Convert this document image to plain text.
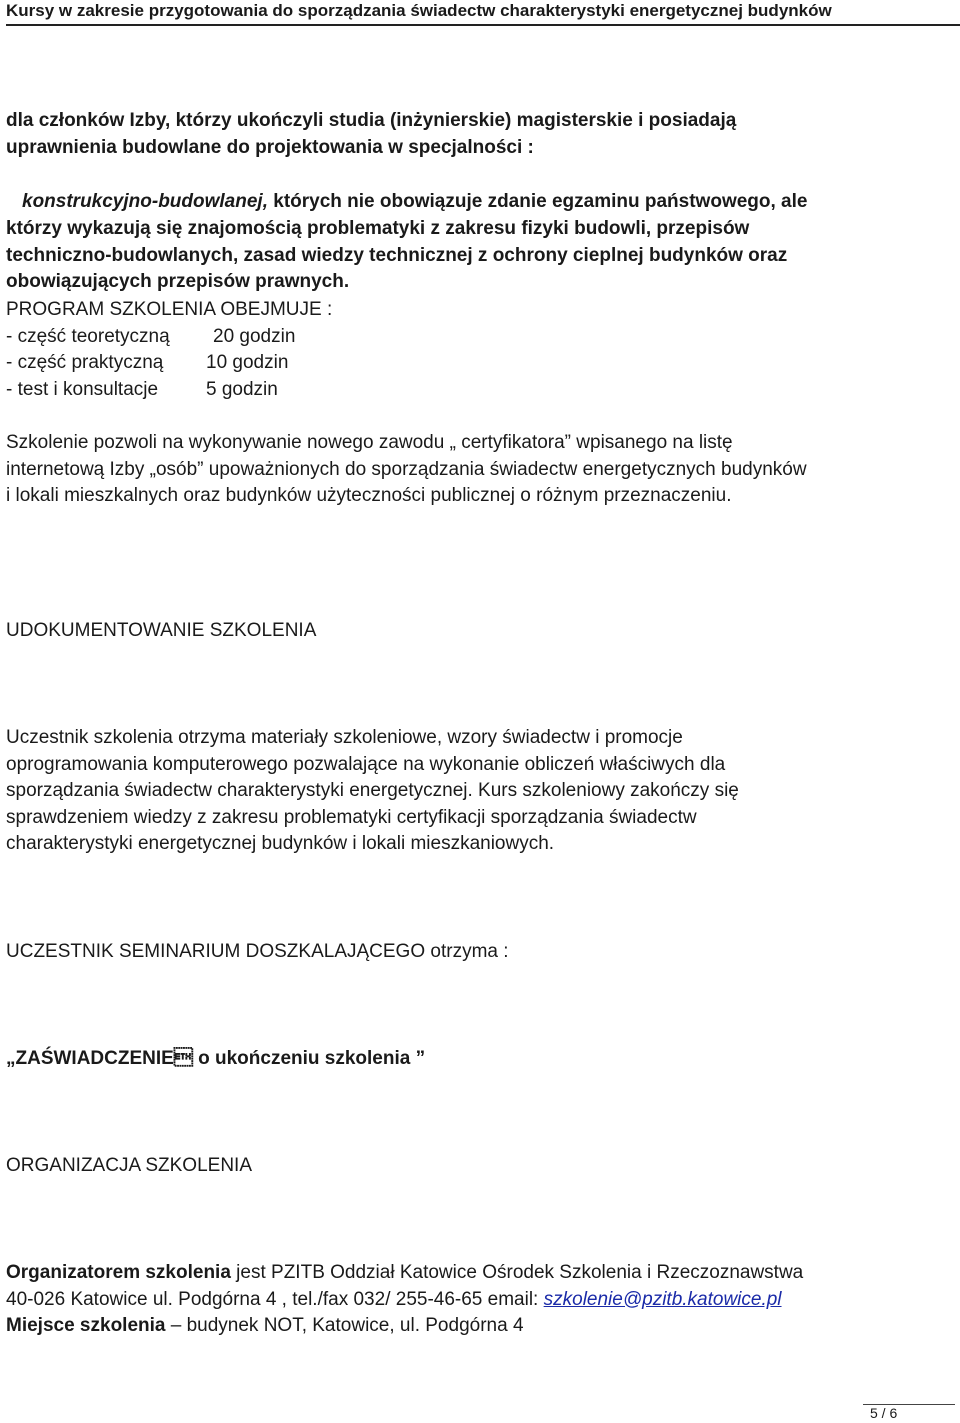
Kursy w zakresie przygotowania do sporządzania świadectw charakterystyki energetycznej budynków
dla członków Izby, którzy ukończyli studia (inżynierskie) magisterskie i posiadają
uprawnienia budowlane do projektowania w specjalności :
konstrukcyjno-budowlanej, których nie obowiązuje zdanie egzaminu państwowego, ale
którzy wykazują się znajomością problematyki z zakresu fizyki budowli, przepisów
techniczno-budowlanych, zasad wiedzy technicznej z ochrony cieplnej budynków oraz
obowiązujących przepisów prawnych.
PROGRAM SZKOLENIA OBEJMUJE :
- część teoretyczną 20 godzin
- część praktyczną 10 godzin
- test i konsultacje	5 godzin
Szkolenie pozwoli na wykonywanie nowego zawodu „ certyfikatora” wpisanego na listę
internetową Izby „osób” upoważnionych do sporządzania świadectw energetycznych budynków
i lokali mieszkalnych oraz budynków użyteczności publicznej o różnym przeznaczeniu.
UDOKUMENTOWANIE SZKOLENIA
Uczestnik szkolenia otrzyma materiały szkoleniowe, wzory świadectw i promocje
oprogramowania komputerowego pozwalające na wykonanie obliczeń właściwych dla
sporządzania świadectw charakterystyki energetycznej. Kurs szkoleniowy zakończy się
sprawdzeniem wiedzy z zakresu problematyki certyfikacji sporządzania świadectw
charakterystyki energetycznej budynków i lokali mieszkaniowych.
UCZESTNIK SEMINARIUM DOSZKALAJĄCEGO otrzyma :
„ZAŚWIADCZENIE o ukończeniu szkolenia ”
ORGANIZACJA SZKOLENIA
Organizatorem szkolenia jest PZITB Oddział Katowice Ośrodek Szkolenia i Rzeczoznawstwa
40-026 Katowice ul. Podgórna 4 , tel./fax 032/ 255-46-65 email: szkolenie@pzitb.katowice.pl
Miejsce szkolenia – budynek NOT, Katowice, ul. Podgórna 4
5 / 6
